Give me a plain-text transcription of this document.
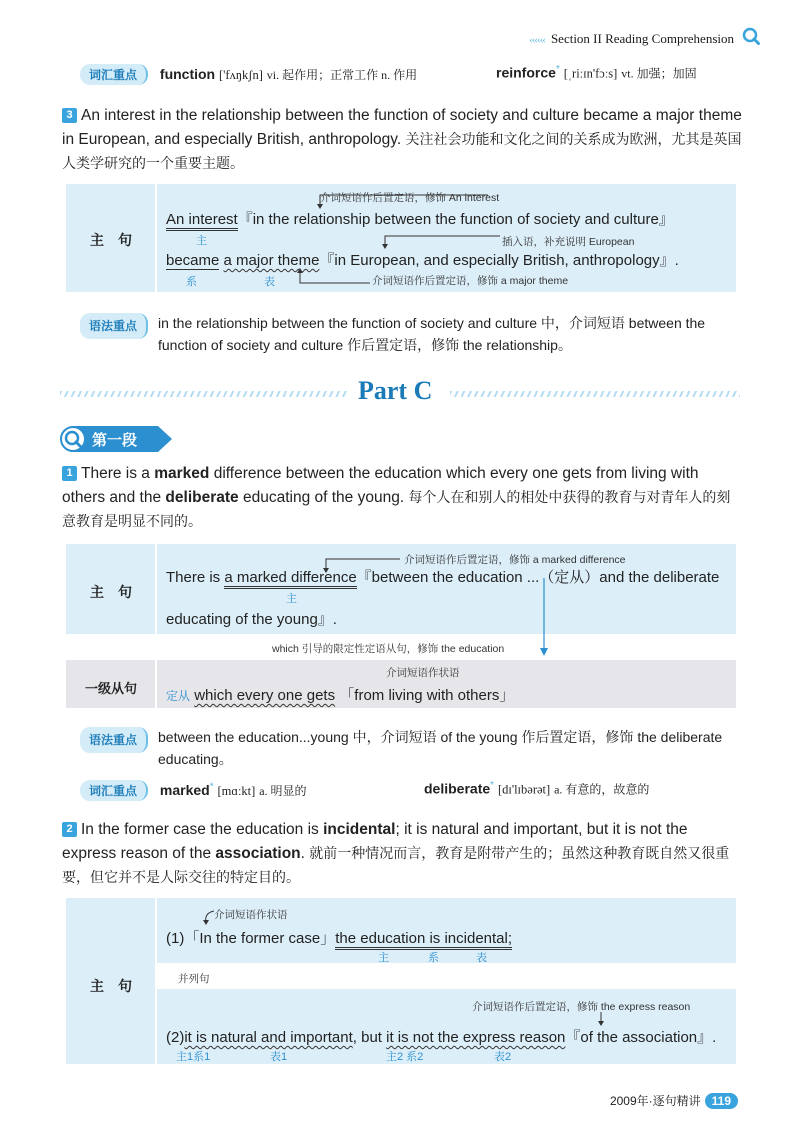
‹‹‹‹‹‹ Section II Reading Comprehension
词汇重点 function ['fʌŋkʃn] vi. 起作用；正常工作 n. 作用	reinforce* [ˌriːɪn'fɔːs] vt. 加强；加固
3 An interest in the relationship between the function of society and culture became a major theme in European, and especially British, anthropology. 关注社会功能和文化之间的关系成为欧洲，尤其是英国人类学研究的一个重要主题。
主　句
介词短语作后置定语，修饰 An interest
An interest『in the relationship between the function of society and culture』
主	插入语，补充说明 European
became a major theme『in European, and especially British, anthropology』.
系	表	介词短语作后置定语，修饰 a major theme
语法重点	in the relationship between the function of society and culture 中，介词短语 between the function of society and culture 作后置定语，修饰 the relationship。
Part C
第一段
1 There is a marked difference between the education which every one gets from living with others and the deliberate educating of the young. 每个人在和别人的相处中获得的教育与对青年人的刻意教育是明显不同的。
主　句
介词短语作后置定语，修饰 a marked difference
There is a marked difference『between the education ...（定从）and the deliberate
主
educating of the young』.
which 引导的限定性定语从句，修饰 the education
一级从句
介词短语作状语
定从 which every one gets 「from living with others」
语法重点	between the education...young 中，介词短语 of the young 作后置定语，修饰 the deliberate educating。
词汇重点 marked* [mɑːkt] a. 明显的	deliberate* [dɪ'lɪbərət] a. 有意的，故意的
2 In the former case the education is incidental; it is natural and important, but it is not the express reason of the association. 就前一种情况而言，教育是附带产生的；虽然这种教育既自然又很重要，但它并不是人际交往的特定目的。
主　句
介词短语作状语
(1)「In the former case」the education is incidental;
主	系	表
并列句
介词短语作后置定语，修饰 the express reason
(2)it is natural and important, but it is not the express reason『of the association』.
主1系1	表1	主2 系2	表2
2009年·逐句精讲 119
